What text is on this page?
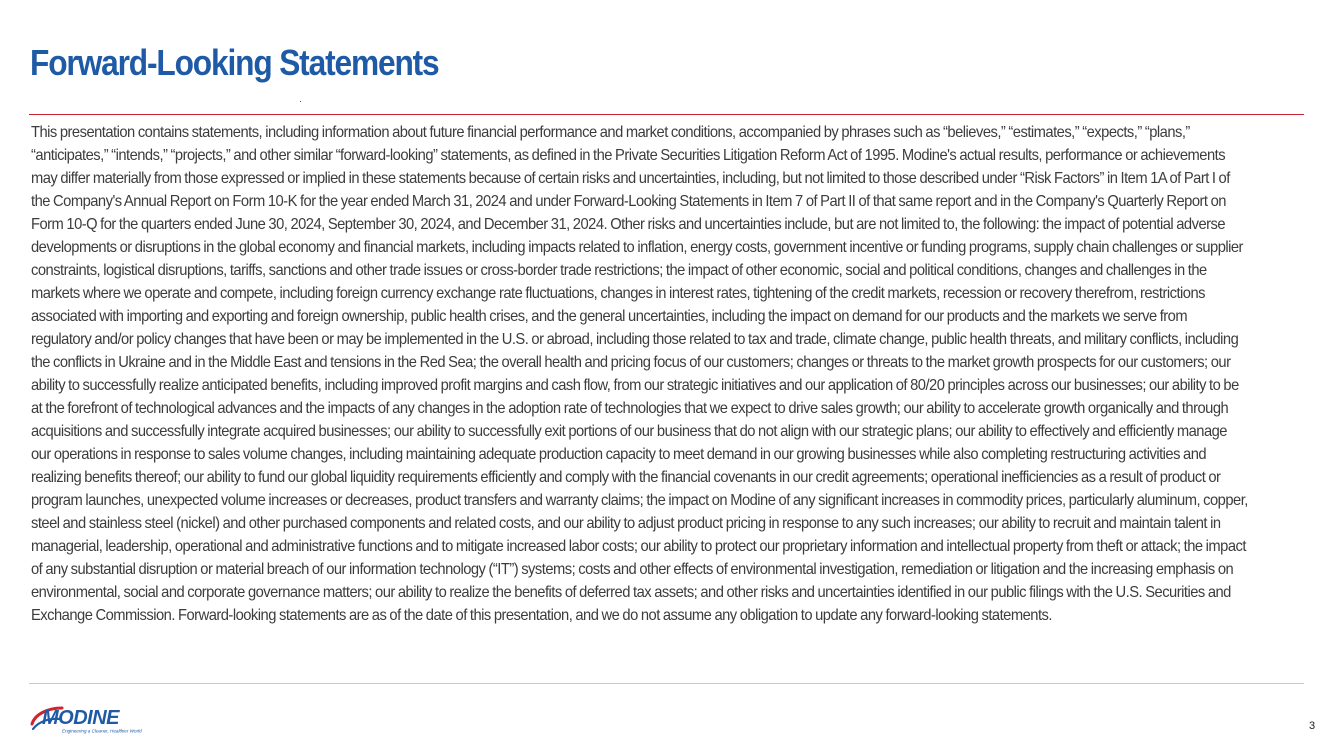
Forward-Looking Statements

This presentation contains statements, including information about future financial performance and market conditions, accompanied by phrases such as “believes,” “estimates,” “expects,” “plans,” “anticipates,” “intends,” “projects,” and other similar “forward-looking” statements, as defined in the Private Securities Litigation Reform Act of 1995. Modine's actual results, performance or achievements may differ materially from those expressed or implied in these statements because of certain risks and uncertainties, including, but not limited to those described under “Risk Factors” in Item 1A of Part I of the Company's Annual Report on Form 10-K for the year ended March 31, 2024 and under Forward-Looking Statements in Item 7 of Part II of that same report and in the Company's Quarterly Report on Form 10-Q for the quarters ended June 30, 2024, September 30, 2024, and December 31, 2024. Other risks and uncertainties include, but are not limited to, the following: the impact of potential adverse developments or disruptions in the global economy and financial markets, including impacts related to inflation, energy costs, government incentive or funding programs, supply chain challenges or supplier constraints, logistical disruptions, tariffs, sanctions and other trade issues or cross-border trade restrictions; the impact of other economic, social and political conditions, changes and challenges in the markets where we operate and compete, including foreign currency exchange rate fluctuations, changes in interest rates, tightening of the credit markets, recession or recovery therefrom, restrictions associated with importing and exporting and foreign ownership, public health crises, and the general uncertainties, including the impact on demand for our products and the markets we serve from regulatory and/or policy changes that have been or may be implemented in the U.S. or abroad, including those related to tax and trade, climate change, public health threats, and military conflicts, including the conflicts in Ukraine and in the Middle East and tensions in the Red Sea; the overall health and pricing focus of our customers; changes or threats to the market growth prospects for our customers; our ability to successfully realize anticipated benefits, including improved profit margins and cash flow, from our strategic initiatives and our application of 80/20 principles across our businesses; our ability to be at the forefront of technological advances and the impacts of any changes in the adoption rate of technologies that we expect to drive sales growth; our ability to accelerate growth organically and through acquisitions and successfully integrate acquired businesses; our ability to successfully exit portions of our business that do not align with our strategic plans; our ability to effectively and efficiently manage our operations in response to sales volume changes, including maintaining adequate production capacity to meet demand in our growing businesses while also completing restructuring activities and realizing benefits thereof; our ability to fund our global liquidity requirements efficiently and comply with the financial covenants in our credit agreements; operational inefficiencies as a result of product or program launches, unexpected volume increases or decreases, product transfers and warranty claims; the impact on Modine of any significant increases in commodity prices, particularly aluminum, copper, steel and stainless steel (nickel) and other purchased components and related costs, and our ability to adjust product pricing in response to any such increases; our ability to recruit and maintain talent in managerial, leadership, operational and administrative functions and to mitigate increased labor costs; our ability to protect our proprietary information and intellectual property from theft or attack; the impact of any substantial disruption or material breach of our information technology (“IT”) systems; costs and other effects of environmental investigation, remediation or litigation and the increasing emphasis on environmental, social and corporate governance matters; our ability to realize the benefits of deferred tax assets; and other risks and uncertainties identified in our public filings with the U.S. Securities and Exchange Commission. Forward-looking statements are as of the date of this presentation, and we do not assume any obligation to update any forward-looking statements.

MODINE
Engineering a Cleaner, Healthier World	3
